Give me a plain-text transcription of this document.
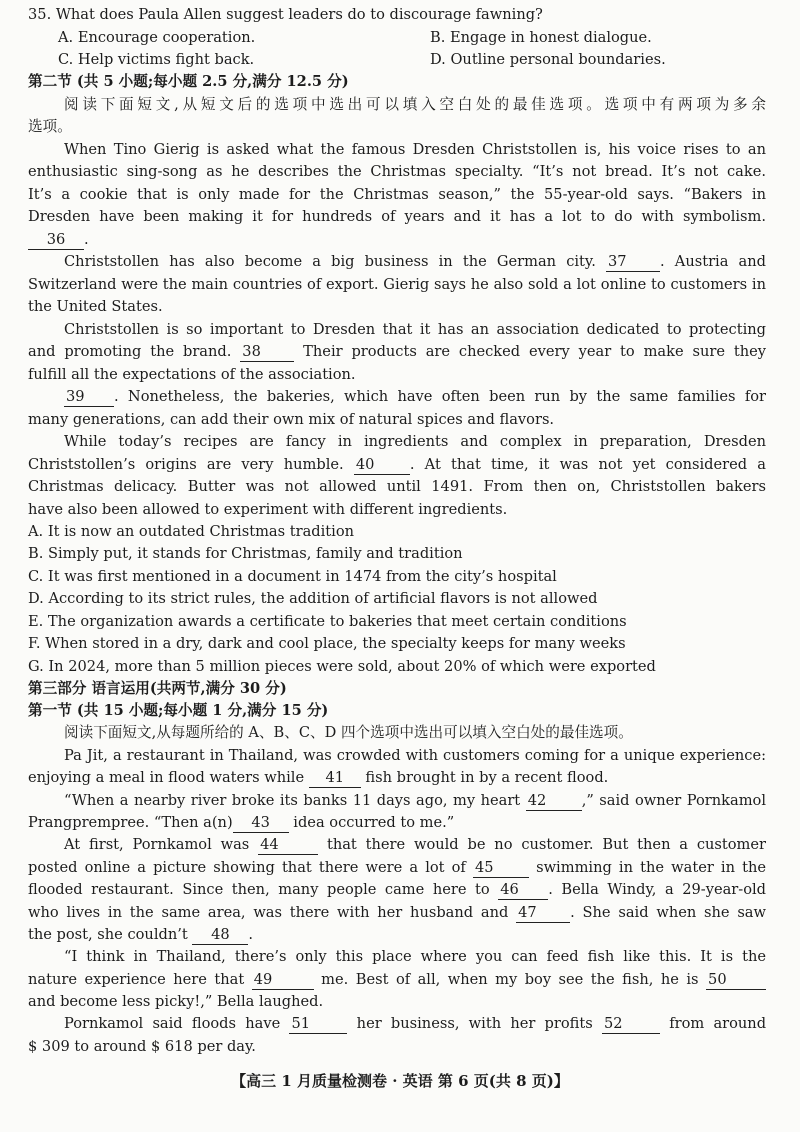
35. What does Paula Allen suggest leaders do to discourage fawning?
A. Encourage cooperation.	B. Engage in honest dialogue.
C. Help victims fight back.	D. Outline personal boundaries.
第二节 (共 5 小题;每小题 2.5 分,满分 12.5 分)
阅读下面短文,从短文后的选项中选出可以填入空白处的最佳选项。选项中有两项为多余
选项。
When Tino Gierig is asked what the famous Dresden Christstollen is, his voice rises to an
enthusiastic sing-song as he describes the Christmas specialty. “It’s not bread. It’s not cake.
It’s a cookie that is only made for the Christmas season,” the 55-year-old says. “Bakers in
Dresden have been making it for hundreds of years and it has a lot to do with symbolism.
36 .
Christstollen has also become a big business in the German city. 37 . Austria and
Switzerland were the main countries of export. Gierig says he also sold a lot online to customers in
the United States.
Christstollen is so important to Dresden that it has an association dedicated to protecting
and promoting the brand. 38	Their products are checked every year to make sure they
fulfill all the expectations of the association.
39 . Nonetheless, the bakeries, which have often been run by the same families for
many generations, can add their own mix of natural spices and flavors.
While today’s recipes are fancy in ingredients and complex in preparation, Dresden
Christstollen’s origins are very humble. 40 . At that time, it was not yet considered a
Christmas delicacy. Butter was not allowed until 1491. From then on, Christstollen bakers
have also been allowed to experiment with different ingredients.
A. It is now an outdated Christmas tradition
B. Simply put, it stands for Christmas, family and tradition
C. It was first mentioned in a document in 1474 from the city’s hospital
D. According to its strict rules, the addition of artificial flavors is not allowed
E. The organization awards a certificate to bakeries that meet certain conditions
F. When stored in a dry, dark and cool place, the specialty keeps for many weeks
G. In 2024, more than 5 million pieces were sold, about 20% of which were exported
第三部分 语言运用(共两节,满分 30 分)
第一节 (共 15 小题;每小题 1 分,满分 15 分)
阅读下面短文,从每题所给的 A、B、C、D 四个选项中选出可以填入空白处的最佳选项。
Pa Jit, a restaurant in Thailand, was crowded with customers coming for a unique experience:
enjoying a meal in flood waters while 41 fish brought in by a recent flood.
“When a nearby river broke its banks 11 days ago, my heart 42 ,” said owner Pornkamol
Prangprempree. “Then a(n) 43 idea occurred to me.”
At first, Pornkamol was 44	that there would be no customer. But then a customer
posted online a picture showing that there were a lot of 45	swimming in the water in the
flooded restaurant. Since then, many people came here to 46 . Bella Windy, a 29-year-old
who lives in the same area, was there with her husband and 47 . She said when she saw
the post, she couldn’t 48 .
“I think in Thailand, there’s only this place where you can feed fish like this. It is the
nature experience here that 49	me. Best of all, when my boy see the fish, he is 50
and become less picky!,” Bella laughed.
Pornkamol said floods have 51	her business, with her profits 52	from around
$ 309 to around $ 618 per day.
【高三 1 月质量检测卷 · 英语 第 6 页(共 8 页)】
